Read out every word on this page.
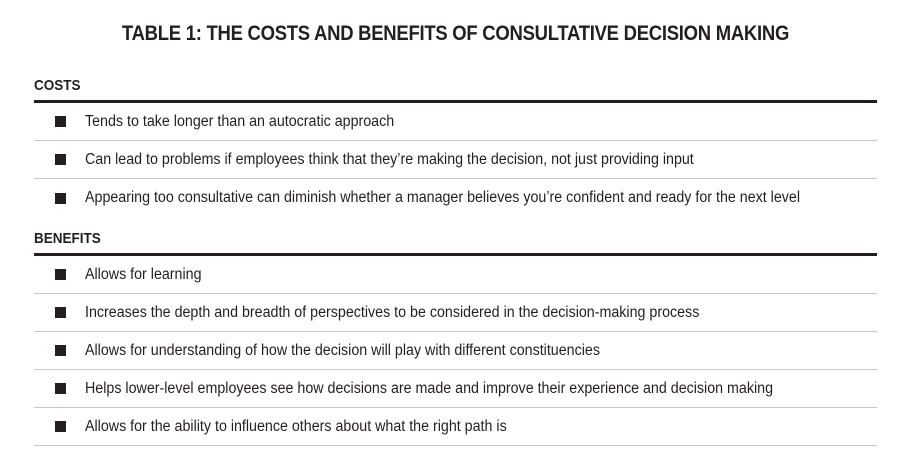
TABLE 1: THE COSTS AND BENEFITS OF CONSULTATIVE DECISION MAKING
COSTS
Tends to take longer than an autocratic approach
Can lead to problems if employees think that they’re making the decision, not just providing input
Appearing too consultative can diminish whether a manager believes you’re confident and ready for the next level
BENEFITS
Allows for learning
Increases the depth and breadth of perspectives to be considered in the decision-making process
Allows for understanding of how the decision will play with different constituencies
Helps lower-level employees see how decisions are made and improve their experience and decision making
Allows for the ability to influence others about what the right path is
